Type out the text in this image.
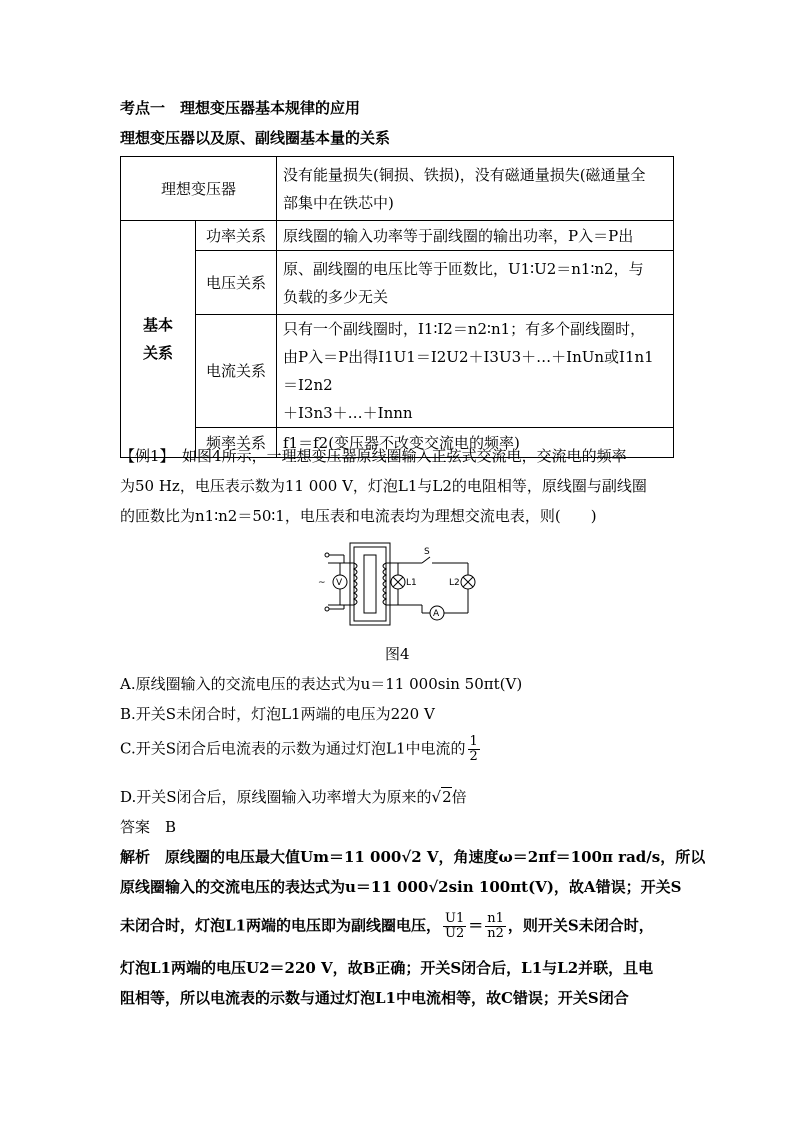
考点一　理想变压器基本规律的应用
理想变压器以及原、副线圈基本量的关系
理想变压器		没有能量损失(铜损、铁损)，没有磁通量损失(磁通量全
部集中在铁芯中)

基本
关系	功率关系	原线圈的输入功率等于副线圈的输出功率，P入＝P出
	电压关系	原、副线圈的电压比等于匝数比，U1∶U2＝n1∶n2，与
负载的多少无关

	电流关系	只有一个副线圈时，I1∶I2＝n2∶n1；有多个副线圈时，
由P入＝P出得I1U1＝I2U2＋I3U3＋…＋InUn或I1n1＝I2n2
＋I3n3＋…＋Innn

	频率关系	f1＝f2(变压器不改变交流电的频率)
【例1】　如图4所示，一理想变压器原线圈输入正弦式交流电，交流电的频率
为50 Hz，电压表示数为11 000 V，灯泡L1与L2的电阻相等，原线圈与副线圈
的匝数比为n1∶n2＝50∶1，电压表和电流表均为理想交流电表，则(　　)
~ V	L1
S
L2
A
图4
A.原线圈输入的交流电压的表达式为u＝11 000sin 50πt(V)
B.开关S未闭合时，灯泡L1两端的电压为220 V
C.开关S闭合后电流表的示数为通过灯泡L1中电流的 $\frac{1}{2}$
D.开关S闭合后，原线圈输入功率增大为原来的√2倍
答案　B
解析　原线圈的电压最大值Um＝11 000√2 V，角速度ω＝2πf＝100π rad/s，所以
原线圈输入的交流电压的表达式为u＝11 000√2sin 100πt(V)，故A错误；开关S
未闭合时，灯泡L1两端的电压即为副线圈电压， $\frac{U1}{U2} = \frac{n1}{n2}$ ，则开关S未闭合时，
灯泡L1两端的电压U2＝220 V，故B正确；开关S闭合后，L1与L2并联，且电
阻相等，所以电流表的示数与通过灯泡L1中电流相等，故C错误；开关S闭合
